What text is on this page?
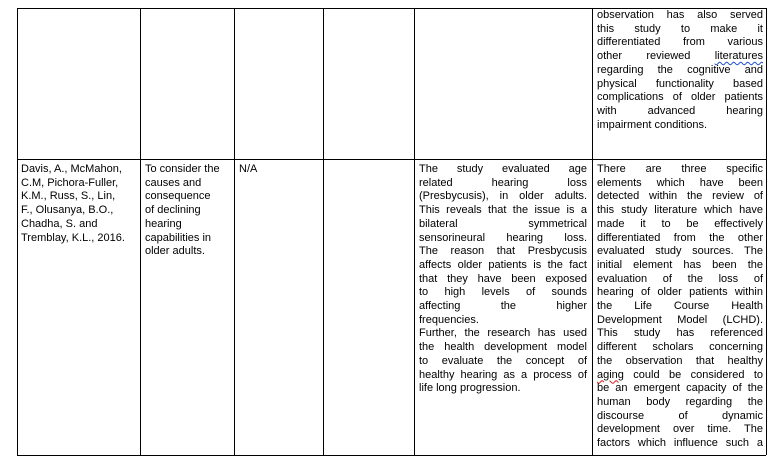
observation has also served
this study to make it
differentiated from various
other reviewed literatures
regarding the cognitive and
physical functionality based
complications of older patients
with advanced hearing
impairment conditions.
Davis, A., McMahon,
C.M, Pichora-Fuller,
K.M., Russ, S., Lin,
F., Olusanya, B.O.,
Chadha, S. and
Tremblay, K.L., 2016.
To consider the
causes and
consequence
of declining
hearing
capabilities in
older adults.
N/A	The study evaluated age
related hearing loss
(Presbycusis), in older adults.
This reveals that the issue is a
bilateral symmetrical
sensorineural hearing loss.
The reason that Presbycusis
affects older patients is the fact
that they have been exposed
to high levels of sounds
affecting the higher
frequencies.
Further, the research has used
the health development model
to evaluate the concept of
healthy hearing as a process of
life long progression.
There are three specific
elements which have been
detected within the review of
this study literature which have
made it to be effectively
differentiated from the other
evaluated study sources. The
initial element has been the
evaluation of the loss of
hearing of older patients within
the Life Course Health
Development Model (LCHD).
This study has referenced
different scholars concerning
the observation that healthy
aging could be considered to
be an emergent capacity of the
human body regarding the
discourse of dynamic
development over time. The
factors which influence such a
